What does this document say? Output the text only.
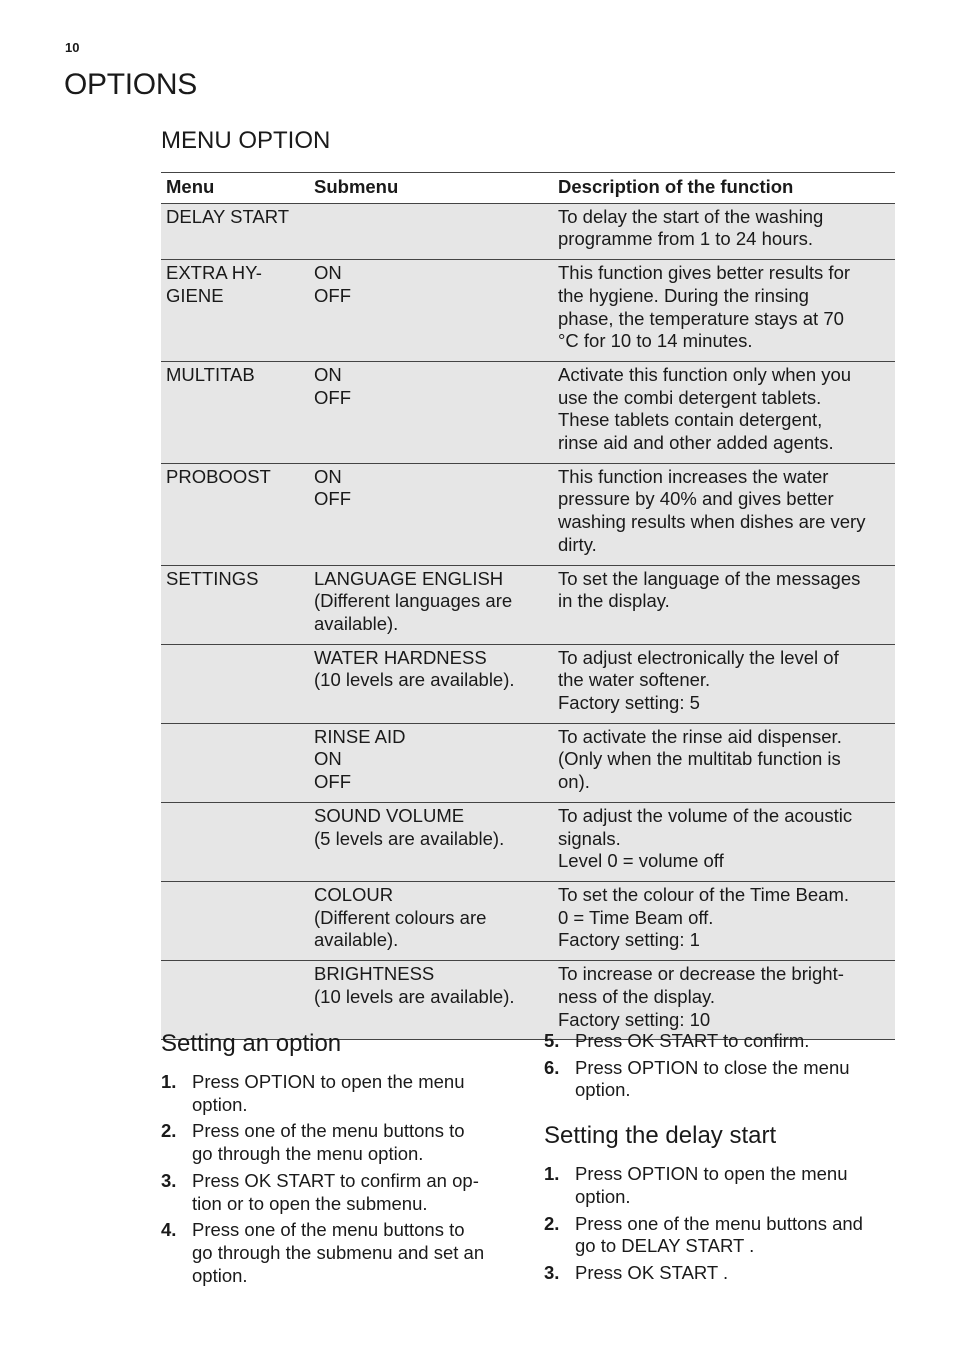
10
OPTIONS
MENU OPTION
Menu	Submenu	Description of the function

DELAY START		To delay the start of the washing
programme from 1 to 24 hours.

EXTRA HY-
GIENE	ON
OFF	This function gives better results for
the hygiene. During the rinsing
phase, the temperature stays at 70
°C for 10 to 14 minutes.

MULTITAB	ON
OFF	Activate this function only when you
use the combi detergent tablets.
These tablets contain detergent,
rinse aid and other added agents.

PROBOOST	ON
OFF	This function increases the water
pressure by 40% and gives better
washing results when dishes are very
dirty.

SETTINGS	LANGUAGE ENGLISH
(Different languages are
available).	To set the language of the messages
in the display.

	WATER HARDNESS
(10 levels are available).	To adjust electronically the level of
the water softener.
Factory setting: 5

	RINSE AID
ON
OFF	To activate the rinse aid dispenser.
(Only when the multitab function is
on).

	SOUND VOLUME
(5 levels are available).	To adjust the volume of the acoustic
signals.
Level 0 = volume off

	COLOUR
(Different colours are
available).	To set the colour of the Time Beam.
0 = Time Beam off.
Factory setting: 1

	BRIGHTNESS
(10 levels are available).	To increase or decrease the bright-
ness of the display.
Factory setting: 10
Setting an option
1. Press OPTION to open the menu
option.
2. Press one of the menu buttons to
go through the menu option.
3. Press OK START to confirm an op-
tion or to open the submenu.
4. Press one of the menu buttons to
go through the submenu and set an
option.
5. Press OK START to confirm.
6. Press OPTION to close the menu
option.
Setting the delay start
1. Press OPTION to open the menu
option.
2. Press one of the menu buttons and
go to DELAY START .
3. Press OK START .
